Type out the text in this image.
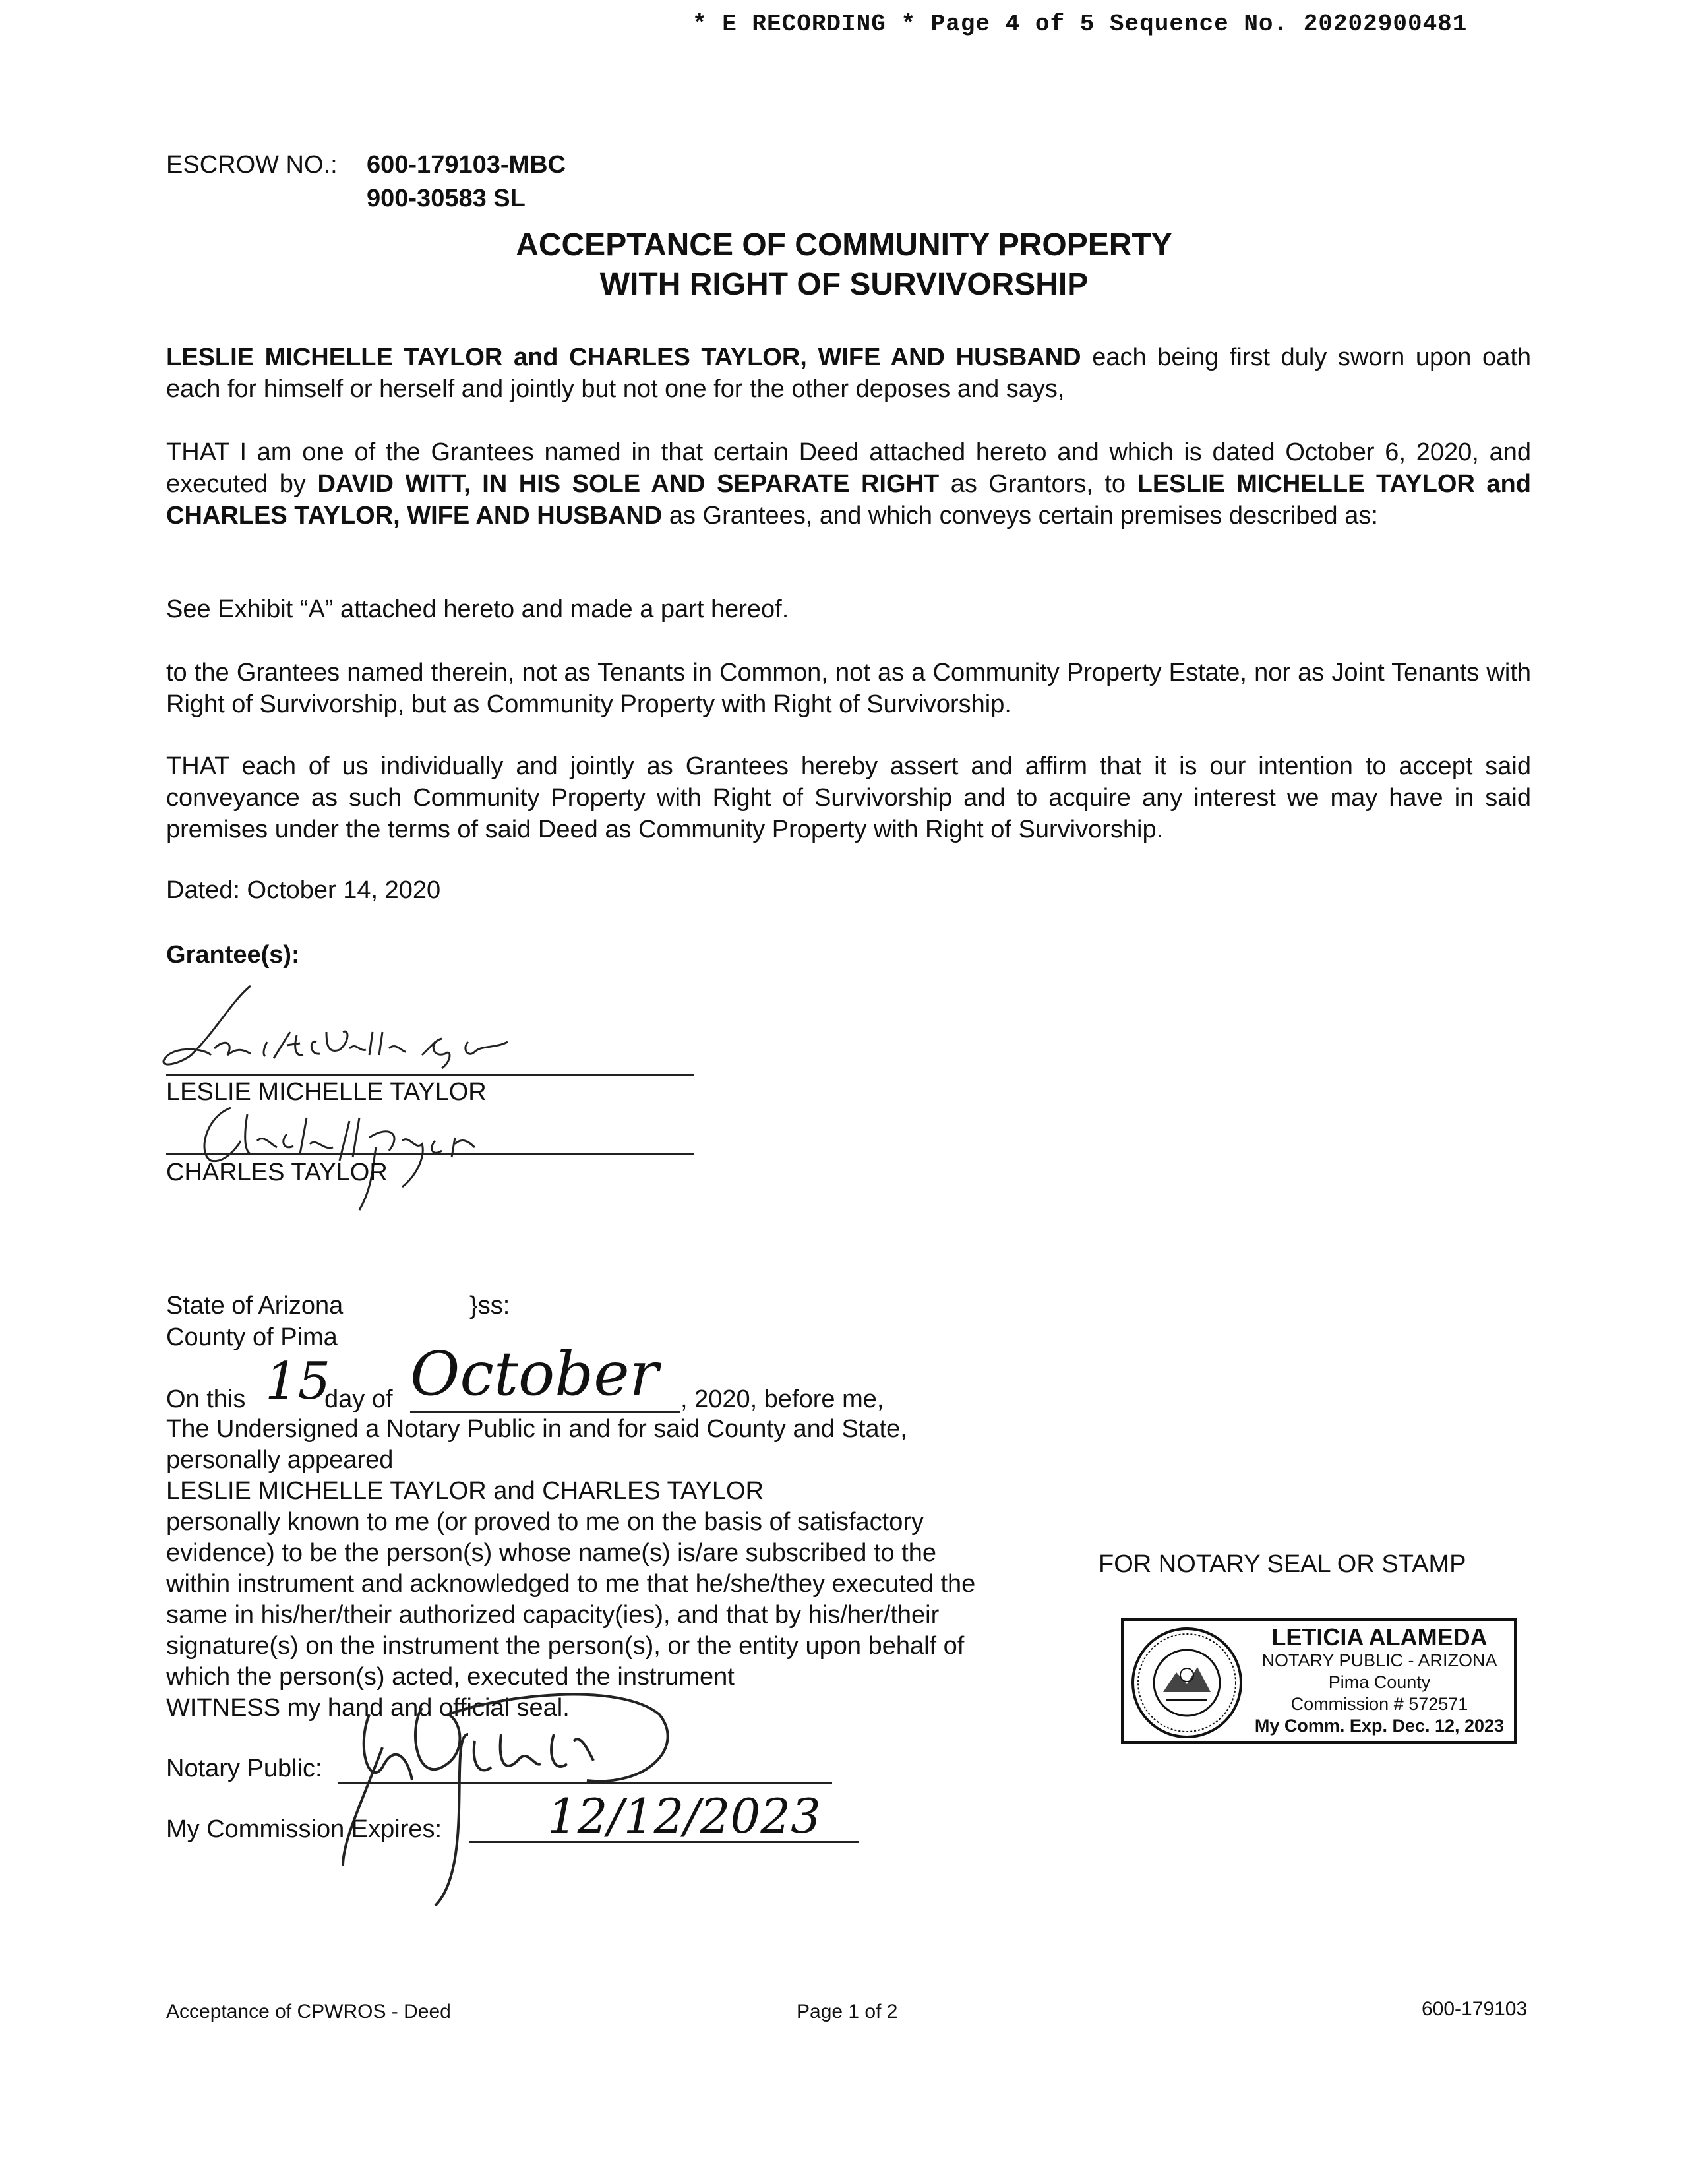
* E RECORDING * Page 4 of 5 Sequence No. 20202900481
ESCROW NO.: 600-179103-MBC
900-30583 SL
ACCEPTANCE OF COMMUNITY PROPERTY
WITH RIGHT OF SURVIVORSHIP
LESLIE MICHELLE TAYLOR and CHARLES TAYLOR, WIFE AND HUSBAND each being first duly sworn upon oath each for himself or herself and jointly but not one for the other deposes and says,
THAT I am one of the Grantees named in that certain Deed attached hereto and which is dated October 6, 2020, and executed by DAVID WITT, IN HIS SOLE AND SEPARATE RIGHT as Grantors, to LESLIE MICHELLE TAYLOR and CHARLES TAYLOR, WIFE AND HUSBAND as Grantees, and which conveys certain premises described as:
See Exhibit “A” attached hereto and made a part hereof.
to the Grantees named therein, not as Tenants in Common, not as a Community Property Estate, nor as Joint Tenants with Right of Survivorship, but as Community Property with Right of Survivorship.
THAT each of us individually and jointly as Grantees hereby assert and affirm that it is our intention to accept said conveyance as such Community Property with Right of Survivorship and to acquire any interest we may have in said premises under the terms of said Deed as Community Property with Right of Survivorship.
Dated: October 14, 2020
Grantee(s):
LESLIE MICHELLE TAYLOR
CHARLES TAYLOR
State of Arizona	}ss:
County of Pima
On this 15
day of October , 2020, before me,
The Undersigned a Notary Public in and for said County and State,
personally appeared
LESLIE MICHELLE TAYLOR and CHARLES TAYLOR
personally known to me (or proved to me on the basis of satisfactory
evidence) to be the person(s) whose name(s) is/are subscribed to the
within instrument and acknowledged to me that he/she/they executed the
same in his/her/their authorized capacity(ies), and that by his/her/their
signature(s) on the instrument the person(s), or the entity upon behalf of
which the person(s) acted, executed the instrument
WITNESS my hand and official seal.
Notary Public:
My Commission Expires: 12/12/2023
FOR NOTARY SEAL OR STAMP
LETICIA ALAMEDA
NOTARY PUBLIC - ARIZONA
Pima County
Commission # 572571
My Comm. Exp. Dec. 12, 2023
Acceptance of CPWROS - Deed	Page 1 of 2	600-179103
